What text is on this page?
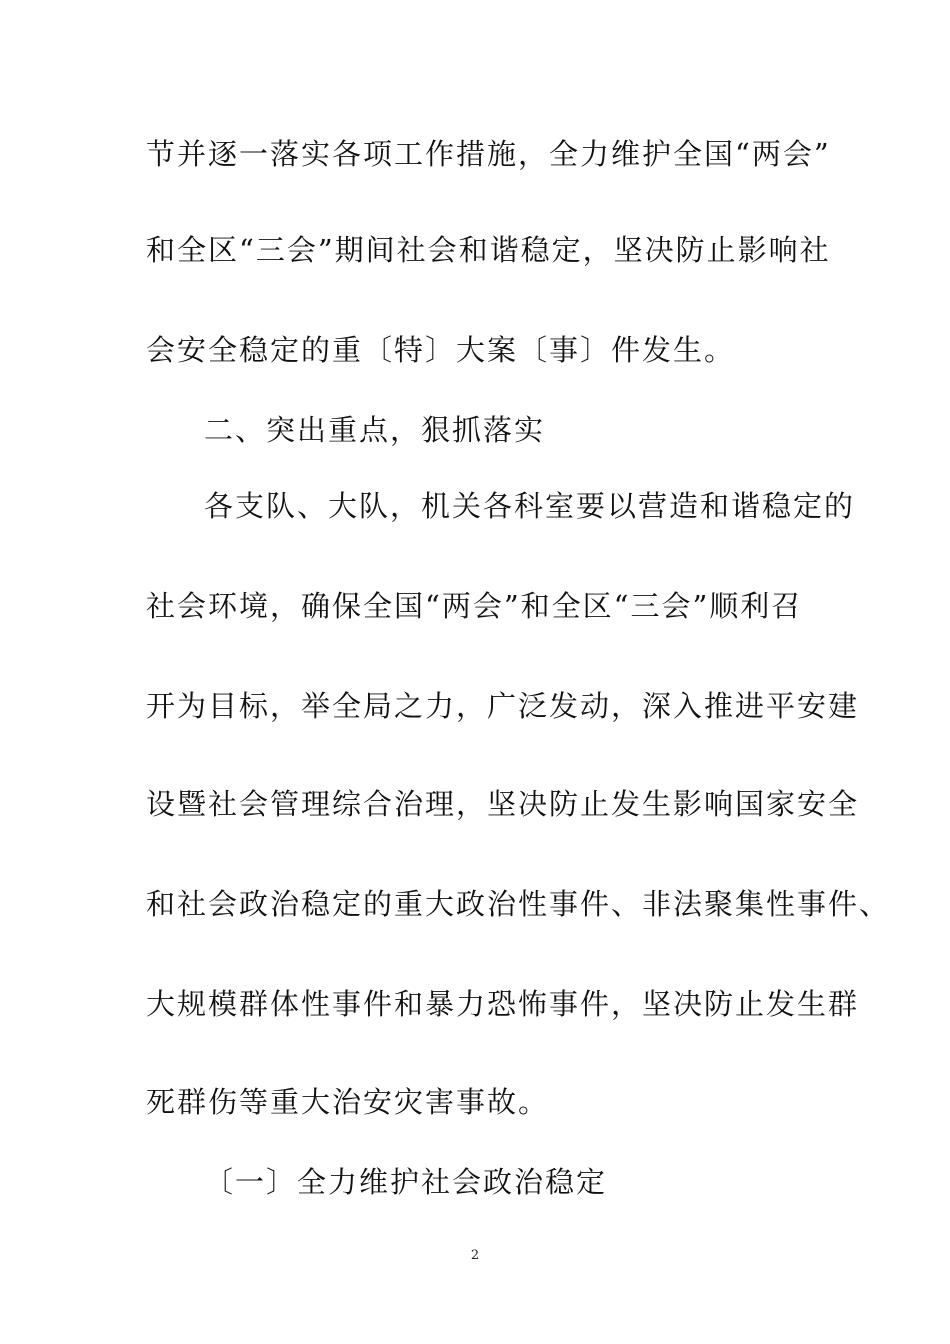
节并逐一落实各项工作措施，全力维护全国“两会”
和全区“三会”期间社会和谐稳定，坚决防止影响社
会安全稳定的重〔特〕大案〔事〕件发生。
二、突出重点，狠抓落实
各支队、大队，机关各科室要以营造和谐稳定的
社会环境，确保全国“两会”和全区“三会”顺利召
开为目标，举全局之力，广泛发动，深入推进平安建
设暨社会管理综合治理，坚决防止发生影响国家安全
和社会政治稳定的重大政治性事件、非法聚集性事件、
大规模群体性事件和暴力恐怖事件，坚决防止发生群
死群伤等重大治安灾害事故。
〔一〕全力维护社会政治稳定
2
